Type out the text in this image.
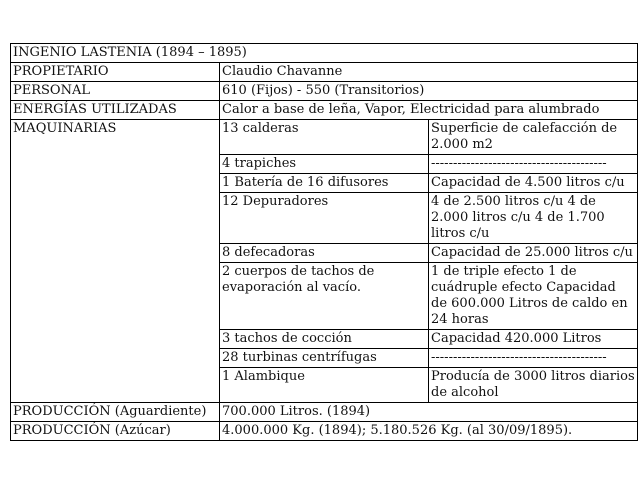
INGENIO LASTENIA (1894 – 1895)		
PROPIETARIO	Claudio Chavanne	
PERSONAL	610 (Fijos) - 550 (Transitorios)	
ENERGÍAS UTILIZADAS	Calor a base de leña, Vapor, Electricidad para alumbrado	
MAQUINARIAS	13 calderas	Superficie de calefacción de 2.000 m2
	4 trapiches	----------------------------------------
	1 Batería de 16 difusores	Capacidad de 4.500 litros c/u
	12 Depuradores	4 de 2.500 litros c/u 4 de 2.000 litros c/u 4 de 1.700 litros c/u
	8 defecadoras	Capacidad de 25.000 litros c/u
	2 cuerpos de tachos de evaporación al vacío.	1 de triple efecto 1 de cuádruple efecto Capacidad de 600.000 Litros de caldo en 24 horas
	3 tachos de cocción	Capacidad 420.000 Litros
	28 turbinas centrífugas	----------------------------------------
	1 Alambique	Producía de 3000 litros diarios de alcohol
PRODUCCIÓN (Aguardiente)	700.000 Litros. (1894)	
PRODUCCIÓN (Azúcar)	4.000.000 Kg. (1894); 5.180.526 Kg. (al 30/09/1895).	
